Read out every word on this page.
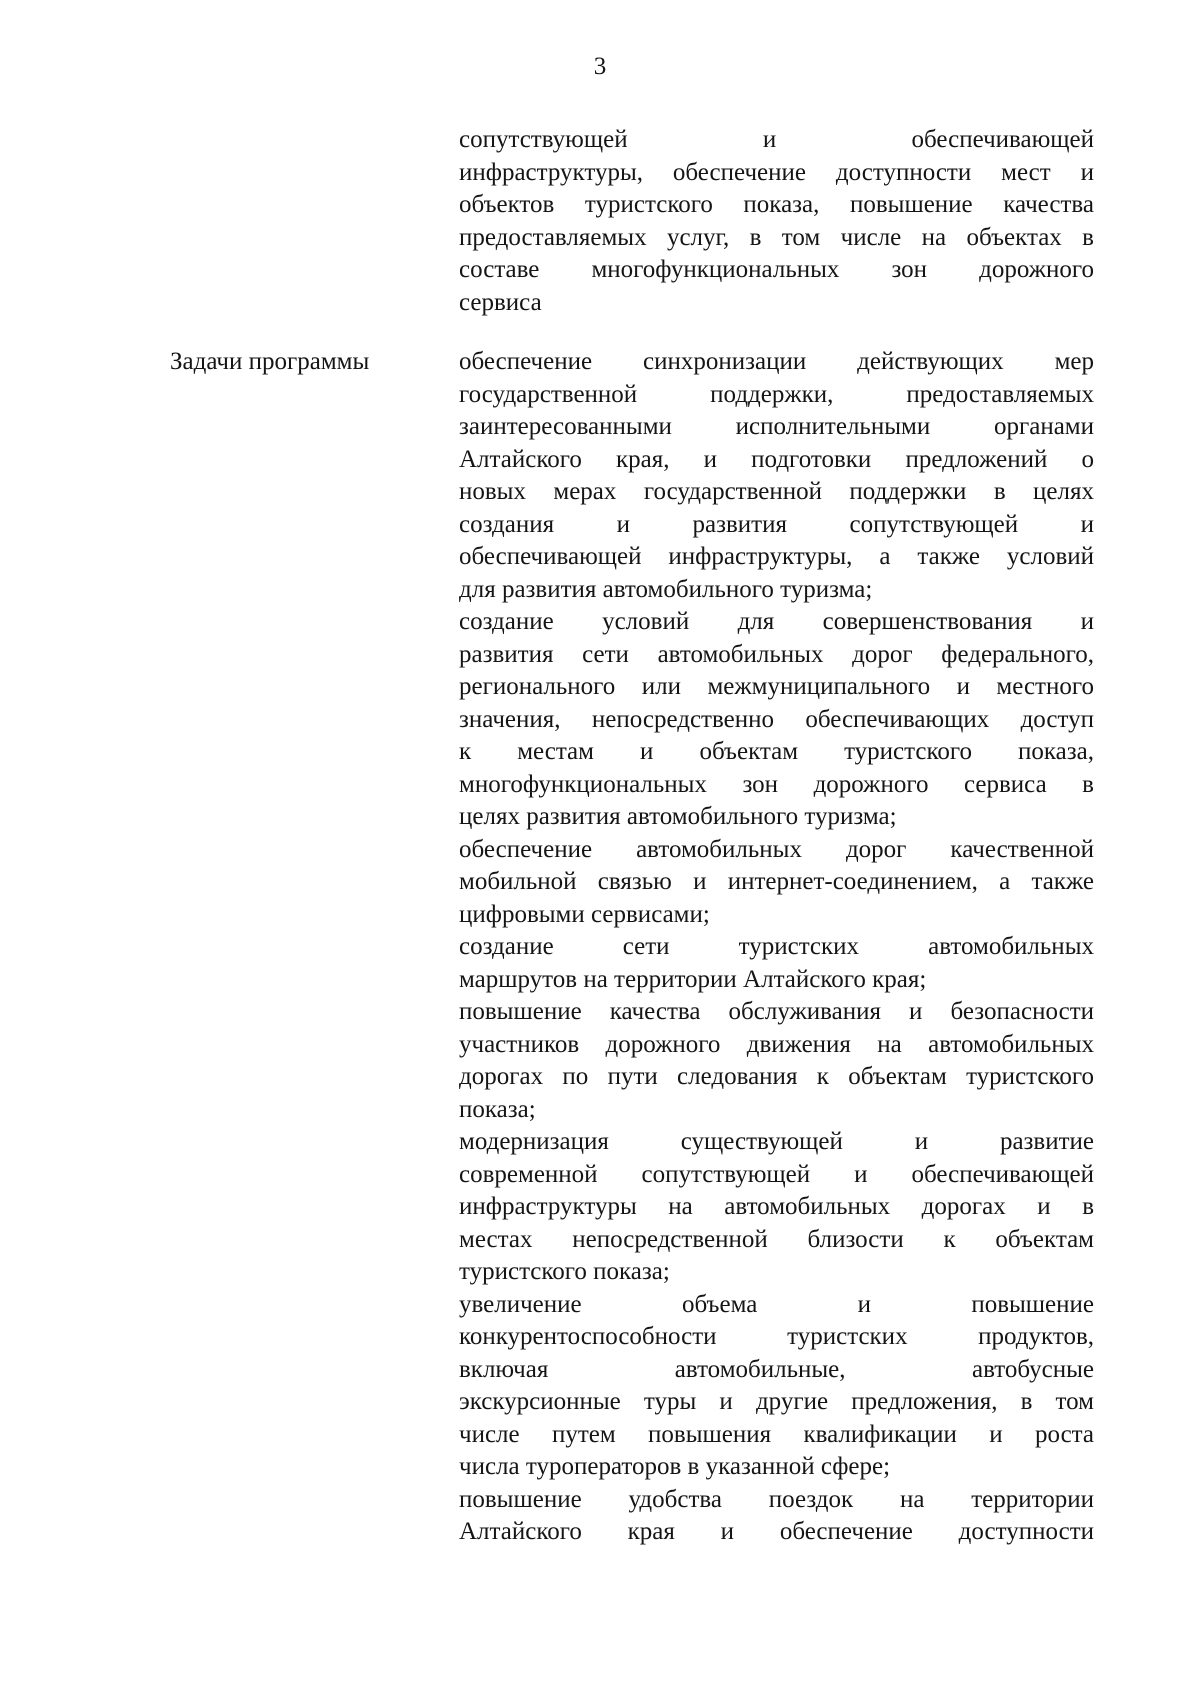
3
сопутствующей и обеспечивающей
инфраструктуры, обеспечение доступности мест и
объектов туристского показа, повышение качества
предоставляемых услуг, в том числе на объектах в
составе многофункциональных зон дорожного
сервиса
Задачи программы	обеспечение синхронизации действующих мер
государственной поддержки, предоставляемых
заинтересованными исполнительными органами
Алтайского края, и подготовки предложений о
новых мерах государственной поддержки в целях
создания и развития сопутствующей и
обеспечивающей инфраструктуры, а также условий
для развития автомобильного туризма;
создание условий для совершенствования и
развития сети автомобильных дорог федерального,
регионального или межмуниципального и местного
значения, непосредственно обеспечивающих доступ
к местам и объектам туристского показа,
многофункциональных зон дорожного сервиса в
целях развития автомобильного туризма;
обеспечение автомобильных дорог качественной
мобильной связью и интернет-соединением, а также
цифровыми сервисами;
создание сети туристских автомобильных
маршрутов на территории Алтайского края;
повышение качества обслуживания и безопасности
участников дорожного движения на автомобильных
дорогах по пути следования к объектам туристского
показа;
модернизация существующей и развитие
современной сопутствующей и обеспечивающей
инфраструктуры на автомобильных дорогах и в
местах непосредственной близости к объектам
туристского показа;
увеличение объема и повышение
конкурентоспособности туристских продуктов,
включая автомобильные, автобусные
экскурсионные туры и другие предложения, в том
числе путем повышения квалификации и роста
числа туроператоров в указанной сфере;
повышение удобства поездок на территории
Алтайского края и обеспечение доступности
